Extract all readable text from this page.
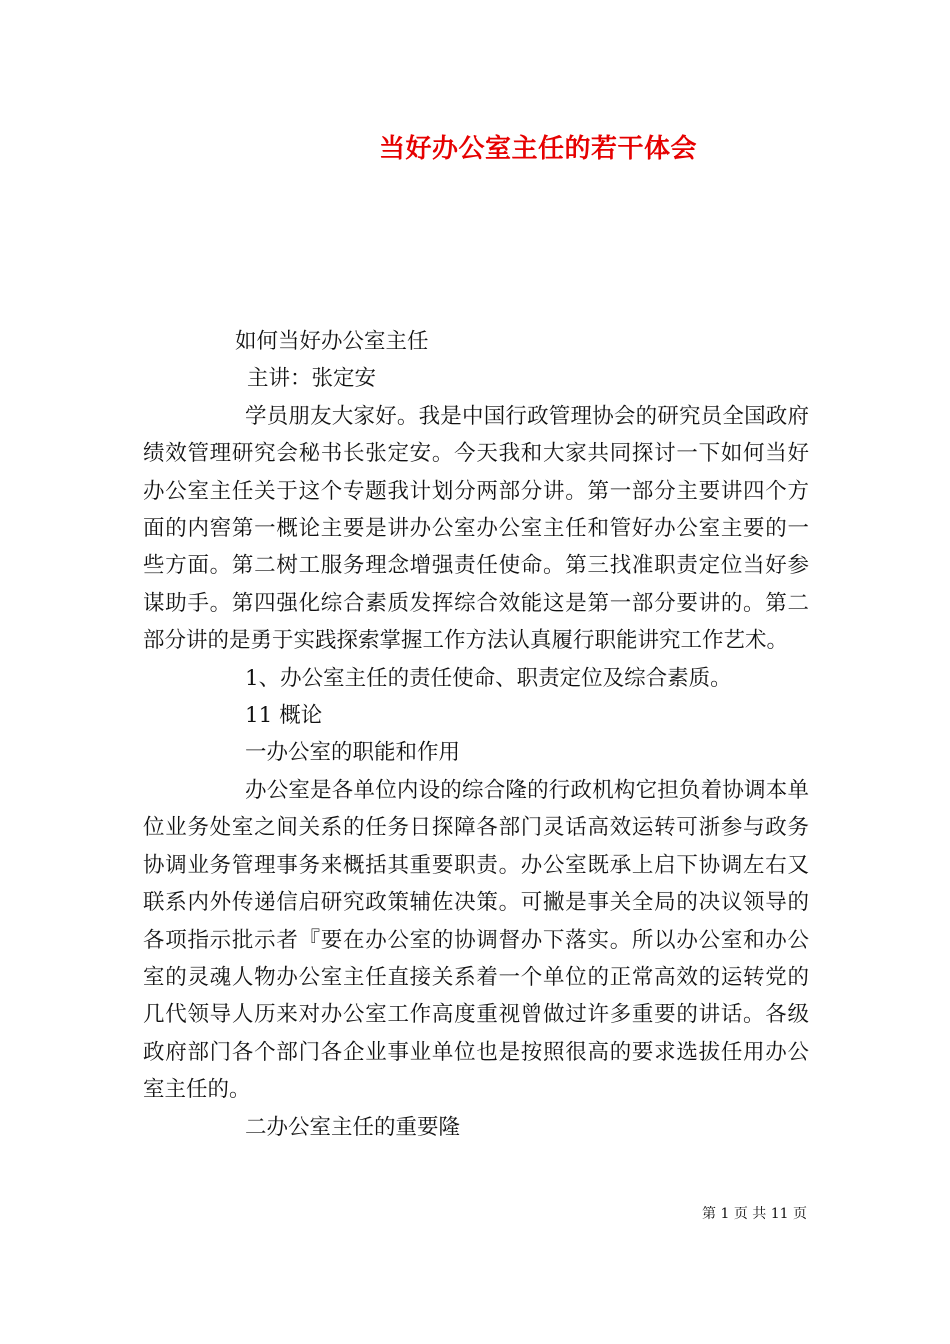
当好办公室主任的若干体会

如何当好办公室主任

主讲：张定安

学员朋友大家好。我是中国行政管理协会的研究员全国政府绩效管理研究会秘书长张定安。今天我和大家共同探讨一下如何当好办公室主任关于这个专题我计划分两部分讲。第一部分主要讲四个方面的内窖第一概论主要是讲办公室办公室主任和管好办公室主要的一些方面。第二树工服务理念增强责任使命。第三找准职责定位当好参谋助手。第四强化综合素质发挥综合效能这是第一部分要讲的。第二部分讲的是勇于实践探索掌握工作方法认真履行职能讲究工作艺术。

1、办公室主任的责任使命、职责定位及综合素质。

11 概论

一办公室的职能和作用

办公室是各单位内设的综合隆的行政机构它担负着协调本单位业务处室之间关系的任务日探障各部门灵话高效运转可浙参与政务协调业务管理事务来概括其重要职责。办公室既承上启下协调左右又联系内外传递信启研究政策辅佐决策。可撇是事关全局的决议领导的各项指示批示者『要在办公室的协调督办下落实。所以办公室和办公室的灵魂人物办公室主任直接关系着一个单位的正常高效的运转党的几代领导人历来对办公室工作高度重视曾做过许多重要的讲话。各级政府部门各个部门各企业事业单位也是按照很高的要求选拔任用办公室主任的。

二办公室主任的重要隆

第 1 页 共 11 页
